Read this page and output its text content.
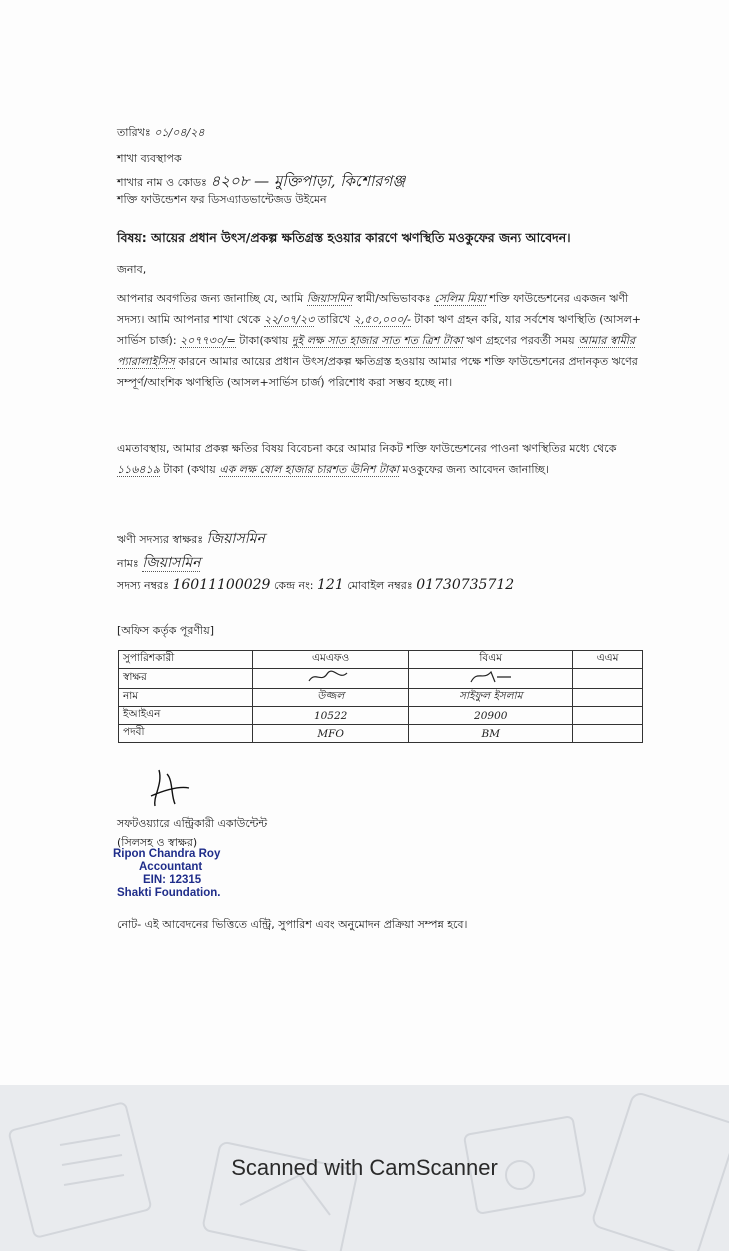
তারিখঃ ০১/০৪/২৪
শাখা ব্যবস্থাপক
শাখার নাম ও কোডঃ ৪২০৮ — মুক্তিপাড়া, কিশোরগঞ্জ
শক্তি ফাউন্ডেশন ফর ডিসএ্যাডভান্টেজড উইমেন
বিষয়: আয়ের প্রধান উৎস/প্রকল্প ক্ষতিগ্রস্ত হওয়ার কারণে ঋণস্থিতি মওকুফের জন্য আবেদন।
জনাব,
আপনার অবগতির জন্য জানাচ্ছি যে, আমি জিয়াসমিন স্বামী/অভিভাবকঃ সেলিম মিয়া শক্তি ফাউন্ডেশনের একজন ঋণী সদস্য। আমি আপনার শাখা থেকে ২২/০৭/২৩ তারিখে ২,৫০,০০০/- টাকা ঋণ গ্রহন করি, যার সর্বশেষ ঋণস্থিতি (আসল+ সার্ভিস চার্জ): ২০৭৭৩০/= টাকা(কথায় দুই লক্ষ সাত হাজার সাত শত ত্রিশ টাকা ঋণ গ্রহণের পরবর্তী সময় আমার স্বামীর প্যারালাইসিস কারনে আমার আয়ের প্রধান উৎস/প্রকল্প ক্ষতিগ্রস্ত হওয়ায় আমার পক্ষে শক্তি ফাউন্ডেশনের প্রদানকৃত ঋণের সম্পূর্ণ/আংশিক ঋণস্থিতি (আসল+সার্ভিস চার্জ) পরিশোধ করা সম্ভব হচ্ছে না।
এমতাবস্থায়, আমার প্রকল্প ক্ষতির বিষয় বিবেচনা করে আমার নিকট শক্তি ফাউন্ডেশনের পাওনা ঋণস্থিতির মধ্যে থেকে ১১৬৪১৯ টাকা (কথায় এক লক্ষ ষোল হাজার চারশত ঊনিশ টাকা মওকুফের জন্য আবেদন জানাচ্ছি।
ঋণী সদস্যর স্বাক্ষরঃ জিয়াসমিন
নামঃ জিয়াসমিন
সদস্য নম্বরঃ 16011100029 কেন্দ্র নং: 121 মোবাইল নম্বরঃ 01730735712
[অফিস কর্তৃক পূরণীয়]
সুপারিশকারী	এমএফও	বিএম	এএম
স্বাক্ষর			
নাম	উজ্জল	সাইফুল ইসলাম	
ইআইএন	10522	20900	
পদবী	MFO	BM	
সফটওয়্যারে এন্ট্রিকারী একাউন্টেন্ট
(সিলসহ ও স্বাক্ষর)
Ripon Chandra Roy
Accountant
EIN: 12315
Shakti Foundation.
নোট- এই আবেদনের ভিত্তিতে এন্ট্রি, সুপারিশ এবং অনুমোদন প্রক্রিয়া সম্পন্ন হবে।
Scanned with CamScanner
